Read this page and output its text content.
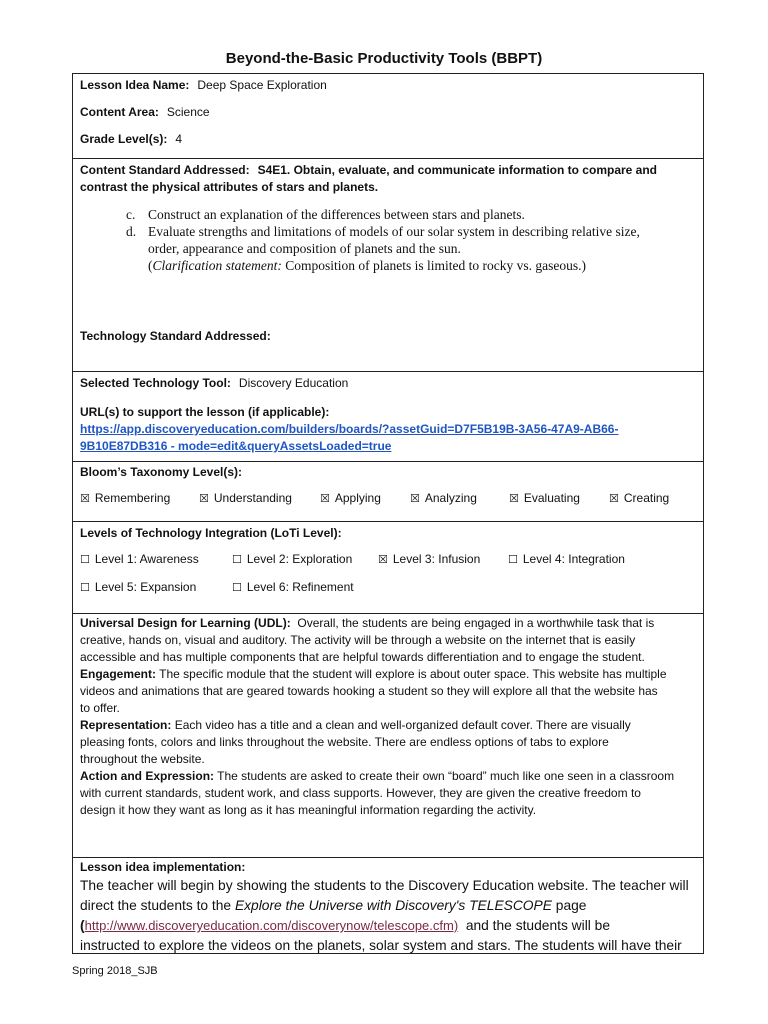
Beyond-the-Basic Productivity Tools (BBPT)
Lesson Idea Name: Deep Space Exploration
Content Area: Science
Grade Level(s): 4
Content Standard Addressed: S4E1. Obtain, evaluate, and communicate information to compare and
contrast the physical attributes of stars and planets.
c. Construct an explanation of the differences between stars and planets.
d. Evaluate strengths and limitations of models of our solar system in describing relative size,
order, appearance and composition of planets and the sun.
(Clarification statement: Composition of planets is limited to rocky vs. gaseous.)
Technology Standard Addressed:
Selected Technology Tool: Discovery Education
URL(s) to support the lesson (if applicable):
https://app.discoveryeducation.com/builders/boards/?assetGuid=D7F5B19B-3A56-47A9-AB66-
9B10E87DB316 - mode=edit&queryAssetsLoaded=true
Bloom’s Taxonomy Level(s):
☒ Remembering	☒ Understanding	☒ Applying	☒ Analyzing	☒ Evaluating	☒ Creating
Levels of Technology Integration (LoTi Level):
☐ Level 1: Awareness	☐ Level 2: Exploration ☒ Level 3: Infusion	☐ Level 4: Integration
☐ Level 5: Expansion	☐ Level 6: Refinement
Universal Design for Learning (UDL): Overall, the students are being engaged in a worthwhile task that is
creative, hands on, visual and auditory. The activity will be through a website on the internet that is easily
accessible and has multiple components that are helpful towards differentiation and to engage the student.
Engagement: The specific module that the student will explore is about outer space. This website has multiple
videos and animations that are geared towards hooking a student so they will explore all that the website has
to offer.
Representation: Each video has a title and a clean and well-organized default cover. There are visually
pleasing fonts, colors and links throughout the website. There are endless options of tabs to explore
throughout the website.
Action and Expression: The students are asked to create their own “board” much like one seen in a classroom
with current standards, student work, and class supports. However, they are given the creative freedom to
design it how they want as long as it has meaningful information regarding the activity.
Lesson idea implementation:
The teacher will begin by showing the students to the Discovery Education website. The teacher will
direct the students to the Explore the Universe with Discovery's TELESCOPE page
(http://www.discoveryeducation.com/discoverynow/telescope.cfm)  and the students will be
instructed to explore the videos on the planets, solar system and stars. The students will have their
Spring 2018_SJB
